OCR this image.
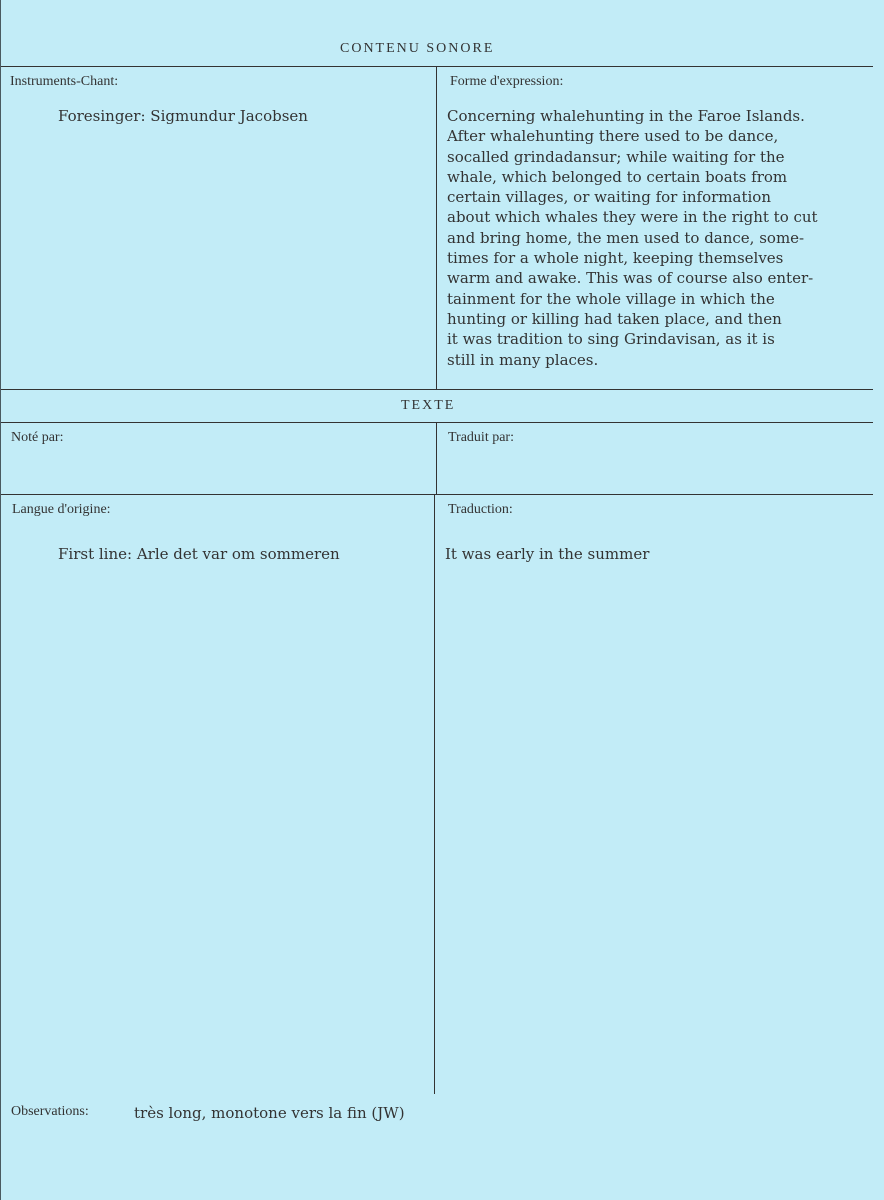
CONTENU SONORE
Instruments-Chant:
Foresinger: Sigmundur Jacobsen
Forme d'expression:
Concerning whalehunting in the Faroe Islands.
After whalehunting there used to be dance,
socalled grindadansur; while waiting for the
whale, which belonged to certain boats from
certain villages, or waiting for information
about which whales they were in the right to cut
and bring home, the men used to dance, some-
times for a whole night, keeping themselves
warm and awake. This was of course also enter-
tainment for the whole village in which the
hunting or killing had taken place, and then
it was tradition to sing Grindavisan, as it is
still in many places.
TEXTE
Noté par:	Traduit par:
Langue d'origine:
First line: Arle det var om sommeren
Traduction:
It was early in the summer
Observations:	très long, monotone vers la fin (JW)
